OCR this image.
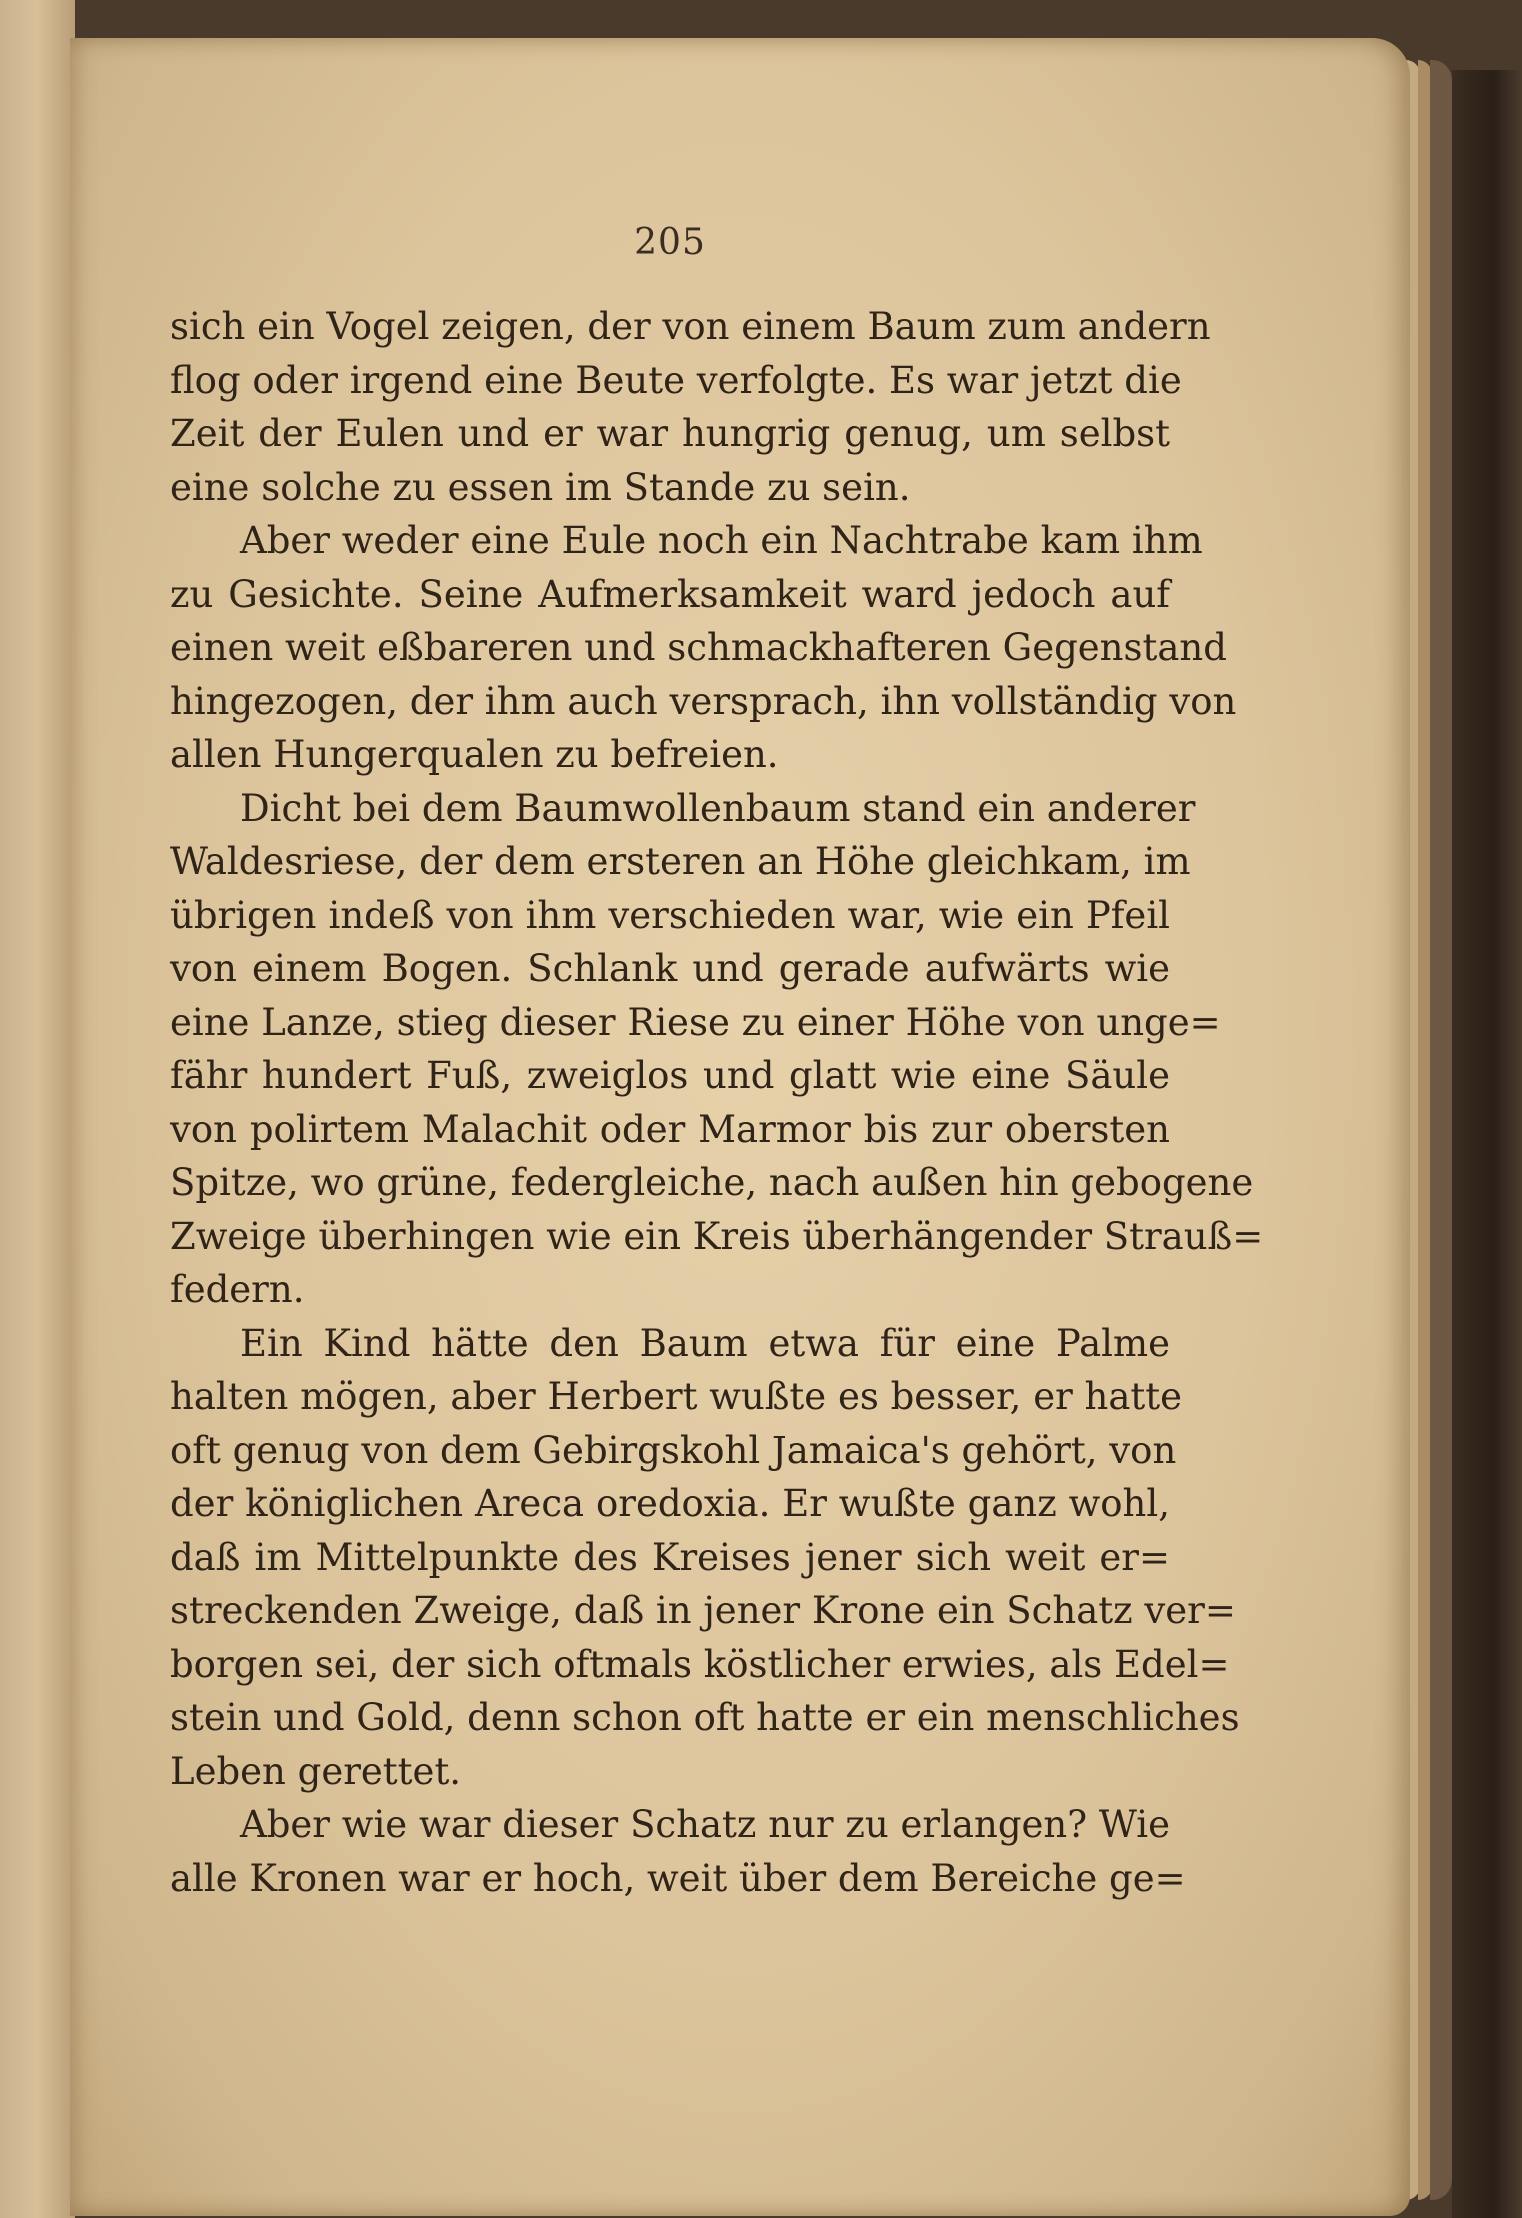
205
sich ein Vogel zeigen, der von einem Baum zum andern
flog oder irgend eine Beute verfolgte. Es war jetzt die
Zeit der Eulen und er war hungrig genug, um selbst
eine solche zu essen im Stande zu sein.
Aber weder eine Eule noch ein Nachtrabe kam ihm
zu Gesichte. Seine Aufmerksamkeit ward jedoch auf
einen weit eßbareren und schmackhafteren Gegenstand
hingezogen, der ihm auch versprach, ihn vollständig von
allen Hungerqualen zu befreien.
Dicht bei dem Baumwollenbaum stand ein anderer
Waldesriese, der dem ersteren an Höhe gleichkam, im
übrigen indeß von ihm verschieden war, wie ein Pfeil
von einem Bogen. Schlank und gerade aufwärts wie
eine Lanze, stieg dieser Riese zu einer Höhe von unge=
fähr hundert Fuß, zweiglos und glatt wie eine Säule
von polirtem Malachit oder Marmor bis zur obersten
Spitze, wo grüne, federgleiche, nach außen hin gebogene
Zweige überhingen wie ein Kreis überhängender Strauß=
federn.
Ein Kind hätte den Baum etwa für eine Palme
halten mögen, aber Herbert wußte es besser, er hatte
oft genug von dem Gebirgskohl Jamaica's gehört, von
der königlichen Areca oredoxia. Er wußte ganz wohl,
daß im Mittelpunkte des Kreises jener sich weit er=
streckenden Zweige, daß in jener Krone ein Schatz ver=
borgen sei, der sich oftmals köstlicher erwies, als Edel=
stein und Gold, denn schon oft hatte er ein menschliches
Leben gerettet.
Aber wie war dieser Schatz nur zu erlangen? Wie
alle Kronen war er hoch, weit über dem Bereiche ge=
